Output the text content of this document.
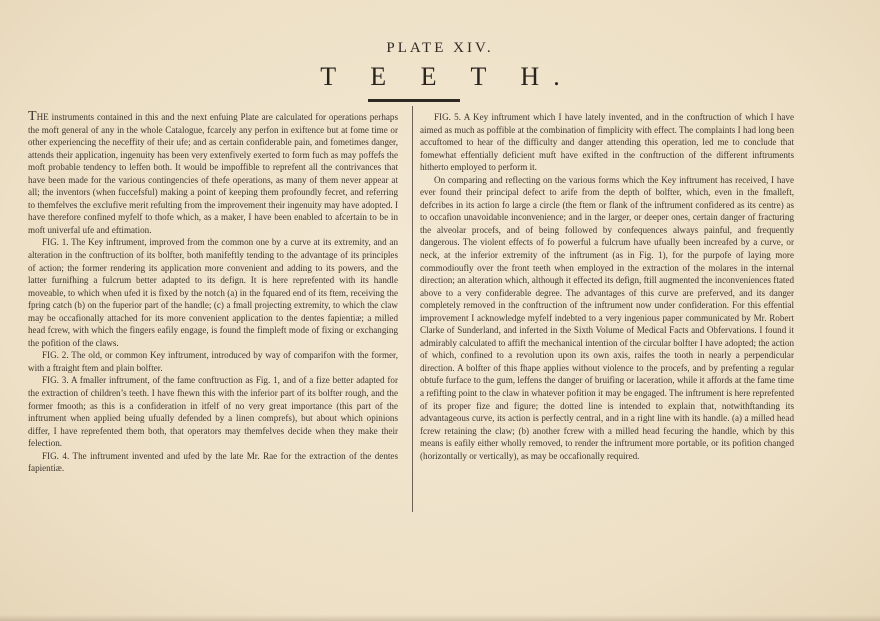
PLATE XIV.
T E E T H.

THE instruments contained in this and the next enfuing Plate are calculated for operations perhaps the moft general of any in the whole Catalogue, fcarcely any perfon in exiftence but at fome time or other experiencing the neceffity of their ufe; and as certain confiderable pain, and fometimes danger, attends their application, ingenuity has been very extenfively exerted to form fuch as may poffefs the moft probable tendency to leffen both. It would be impoffible to reprefent all the contrivances that have been made for the various contingencies of thefe operations, as many of them never appear at all; the inventors (when fuccefsful) making a point of keeping them profoundly fecret, and referring to themfelves the exclufive merit refulting from the improvement their ingenuity may have adopted. I have therefore confined myfelf to thofe which, as a maker, I have been enabled to afcertain to be in moft univerfal ufe and eftimation.

FIG. 1. The Key inftrument, improved from the common one by a curve at its extremity, and an alteration in the conftruction of its bolfter, both manifeftly tending to the advantage of its principles of action; the former rendering its application more convenient and adding to its powers, and the latter furnifhing a fulcrum better adapted to its defign. It is here reprefented with its handle moveable, to which when ufed it is fixed by the notch (a) in the fquared end of its ftem, receiving the fpring catch (b) on the fuperior part of the handle; (c) a fmall projecting extremity, to which the claw may be occafionally attached for its more convenient application to the dentes fapientiæ; a milled head fcrew, with which the fingers eafily engage, is found the fimpleft mode of fixing or exchanging the pofition of the claws.

FIG. 2. The old, or common Key inftrument, introduced by way of comparifon with the former, with a ftraight ftem and plain bolfter.

FIG. 3. A fmaller inftrument, of the fame conftruction as Fig. 1, and of a fize better adapted for the extraction of children’s teeth. I have fhewn this with the inferior part of its bolfter rough, and the former fmooth; as this is a confideration in itfelf of no very great importance (this part of the inftrument when applied being ufually defended by a linen comprefs), but about which opinions differ, I have reprefented them both, that operators may themfelves decide when they make their felection.

FIG. 4. The inftrument invented and ufed by the late Mr. Rae for the extraction of the dentes fapientiæ.

FIG. 5. A Key inftrument which I have lately invented, and in the conftruction of which I have aimed as much as poffible at the combination of fimplicity with effect. The complaints I had long been accuftomed to hear of the difficulty and danger attending this operation, led me to conclude that fomewhat effentially deficient muft have exifted in the conftruction of the different inftruments hitherto employed to perform it.

On comparing and reflecting on the various forms which the Key inftrument has received, I have ever found their principal defect to arife from the depth of bolfter, which, even in the fmalleft, defcribes in its action fo large a circle (the ftem or flank of the inftrument confidered as its centre) as to occafion unavoidable inconvenience; and in the larger, or deeper ones, certain danger of fracturing the alveolar procefs, and of being followed by confequences always painful, and frequently dangerous. The violent effects of fo powerful a fulcrum have ufually been increafed by a curve, or neck, at the inferior extremity of the inftrument (as in Fig. 1), for the purpofe of laying more commodioufly over the front teeth when employed in the extraction of the molares in the internal direction; an alteration which, although it effected its defign, ftill augmented the inconveniences ftated above to a very confiderable degree. The advantages of this curve are preferved, and its danger completely removed in the conftruction of the inftrument now under confideration. For this effential improvement I acknowledge myfelf indebted to a very ingenious paper communicated by Mr. Robert Clarke of Sunderland, and inferted in the Sixth Volume of Medical Facts and Obfervations. I found it admirably calculated to affift the mechanical intention of the circular bolfter I have adopted; the action of which, confined to a revolution upon its own axis, raifes the tooth in nearly a perpendicular direction. A bolfter of this fhape applies without violence to the procefs, and by prefenting a regular obtufe furface to the gum, leffens the danger of bruifing or laceration, while it affords at the fame time a refifting point to the claw in whatever pofition it may be engaged. The inftrument is here reprefented of its proper fize and figure; the dotted line is intended to explain that, notwithftanding its advantageous curve, its action is perfectly central, and in a right line with its handle. (a) a milled head fcrew retaining the claw; (b) another fcrew with a milled head fecuring the handle, which by this means is eafily either wholly removed, to render the inftrument more portable, or its pofition changed (horizontally or vertically), as may be occafionally required.
